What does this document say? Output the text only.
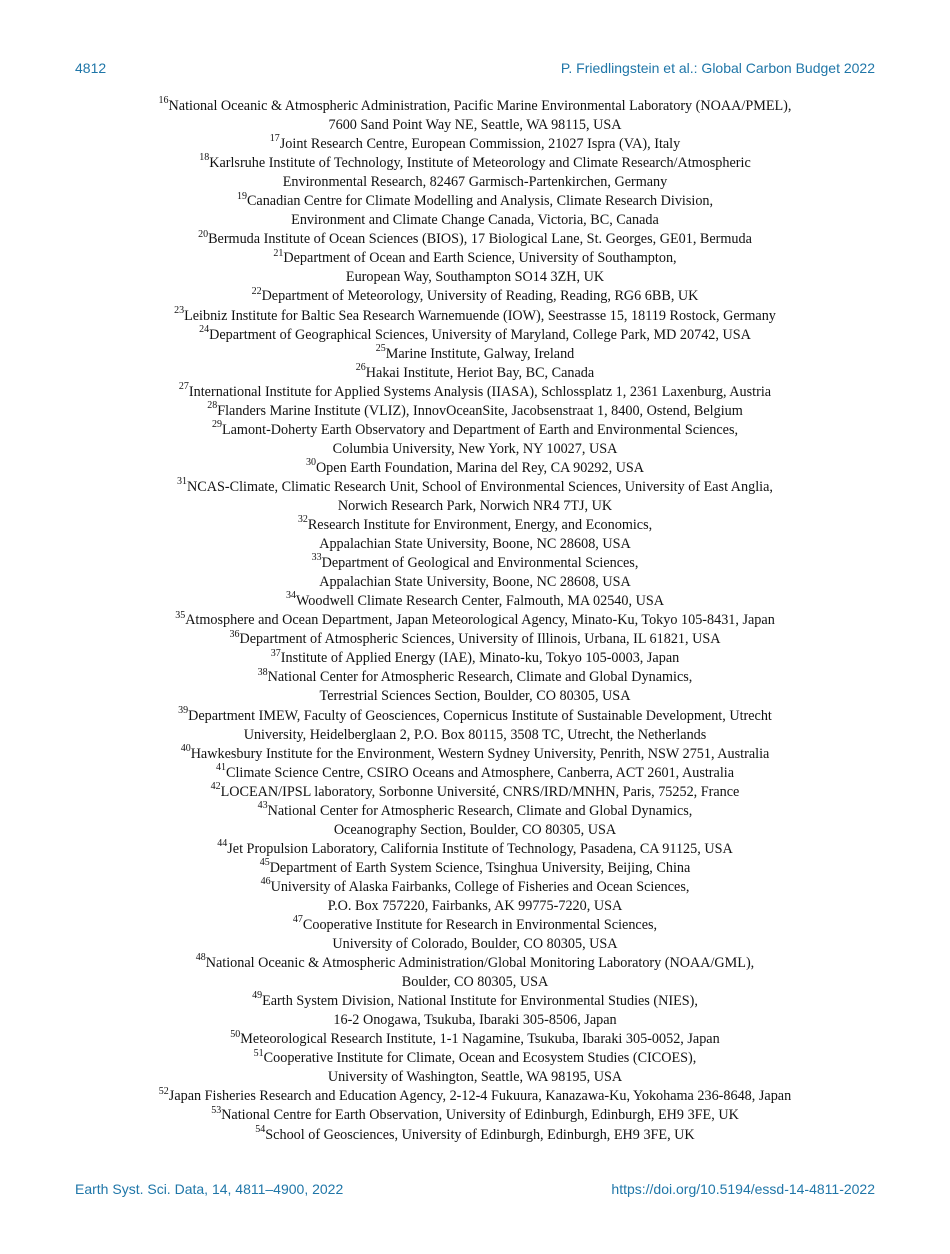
4812	P. Friedlingstein et al.: Global Carbon Budget 2022
$^{16}$National Oceanic & Atmospheric Administration, Pacific Marine Environmental Laboratory (NOAA/PMEL),
7600 Sand Point Way NE, Seattle, WA 98115, USA
$^{17}$Joint Research Centre, European Commission, 21027 Ispra (VA), Italy
$^{18}$Karlsruhe Institute of Technology, Institute of Meteorology and Climate Research/Atmospheric
Environmental Research, 82467 Garmisch-Partenkirchen, Germany
$^{19}$Canadian Centre for Climate Modelling and Analysis, Climate Research Division,
Environment and Climate Change Canada, Victoria, BC, Canada
$^{20}$Bermuda Institute of Ocean Sciences (BIOS), 17 Biological Lane, St. Georges, GE01, Bermuda
$^{21}$Department of Ocean and Earth Science, University of Southampton,
European Way, Southampton SO14 3ZH, UK
$^{22}$Department of Meteorology, University of Reading, Reading, RG6 6BB, UK
$^{23}$Leibniz Institute for Baltic Sea Research Warnemuende (IOW), Seestrasse 15, 18119 Rostock, Germany
$^{24}$Department of Geographical Sciences, University of Maryland, College Park, MD 20742, USA
$^{25}$Marine Institute, Galway, Ireland
$^{26}$Hakai Institute, Heriot Bay, BC, Canada
$^{27}$International Institute for Applied Systems Analysis (IIASA), Schlossplatz 1, 2361 Laxenburg, Austria
$^{28}$Flanders Marine Institute (VLIZ), InnovOceanSite, Jacobsenstraat 1, 8400, Ostend, Belgium
$^{29}$Lamont-Doherty Earth Observatory and Department of Earth and Environmental Sciences,
Columbia University, New York, NY 10027, USA
$^{30}$Open Earth Foundation, Marina del Rey, CA 90292, USA
$^{31}$NCAS-Climate, Climatic Research Unit, School of Environmental Sciences, University of East Anglia,
Norwich Research Park, Norwich NR4 7TJ, UK
$^{32}$Research Institute for Environment, Energy, and Economics,
Appalachian State University, Boone, NC 28608, USA
$^{33}$Department of Geological and Environmental Sciences,
Appalachian State University, Boone, NC 28608, USA
$^{34}$Woodwell Climate Research Center, Falmouth, MA 02540, USA
$^{35}$Atmosphere and Ocean Department, Japan Meteorological Agency, Minato-Ku, Tokyo 105-8431, Japan
$^{36}$Department of Atmospheric Sciences, University of Illinois, Urbana, IL 61821, USA
$^{37}$Institute of Applied Energy (IAE), Minato-ku, Tokyo 105-0003, Japan
$^{38}$National Center for Atmospheric Research, Climate and Global Dynamics,
Terrestrial Sciences Section, Boulder, CO 80305, USA
$^{39}$Department IMEW, Faculty of Geosciences, Copernicus Institute of Sustainable Development, Utrecht
University, Heidelberglaan 2, P.O. Box 80115, 3508 TC, Utrecht, the Netherlands
$^{40}$Hawkesbury Institute for the Environment, Western Sydney University, Penrith, NSW 2751, Australia
$^{41}$Climate Science Centre, CSIRO Oceans and Atmosphere, Canberra, ACT 2601, Australia
$^{42}$LOCEAN/IPSL laboratory, Sorbonne Université, CNRS/IRD/MNHN, Paris, 75252, France
$^{43}$National Center for Atmospheric Research, Climate and Global Dynamics,
Oceanography Section, Boulder, CO 80305, USA
$^{44}$Jet Propulsion Laboratory, California Institute of Technology, Pasadena, CA 91125, USA
$^{45}$Department of Earth System Science, Tsinghua University, Beijing, China
$^{46}$University of Alaska Fairbanks, College of Fisheries and Ocean Sciences,
P.O. Box 757220, Fairbanks, AK 99775-7220, USA
$^{47}$Cooperative Institute for Research in Environmental Sciences,
University of Colorado, Boulder, CO 80305, USA
$^{48}$National Oceanic & Atmospheric Administration/Global Monitoring Laboratory (NOAA/GML),
Boulder, CO 80305, USA
$^{49}$Earth System Division, National Institute for Environmental Studies (NIES),
16-2 Onogawa, Tsukuba, Ibaraki 305-8506, Japan
$^{50}$Meteorological Research Institute, 1-1 Nagamine, Tsukuba, Ibaraki 305-0052, Japan
$^{51}$Cooperative Institute for Climate, Ocean and Ecosystem Studies (CICOES),
University of Washington, Seattle, WA 98195, USA
$^{52}$Japan Fisheries Research and Education Agency, 2-12-4 Fukuura, Kanazawa-Ku, Yokohama 236-8648, Japan
$^{53}$National Centre for Earth Observation, University of Edinburgh, Edinburgh, EH9 3FE, UK
$^{54}$School of Geosciences, University of Edinburgh, Edinburgh, EH9 3FE, UK
Earth Syst. Sci. Data, 14, 4811–4900, 2022	https://doi.org/10.5194/essd-14-4811-2022
